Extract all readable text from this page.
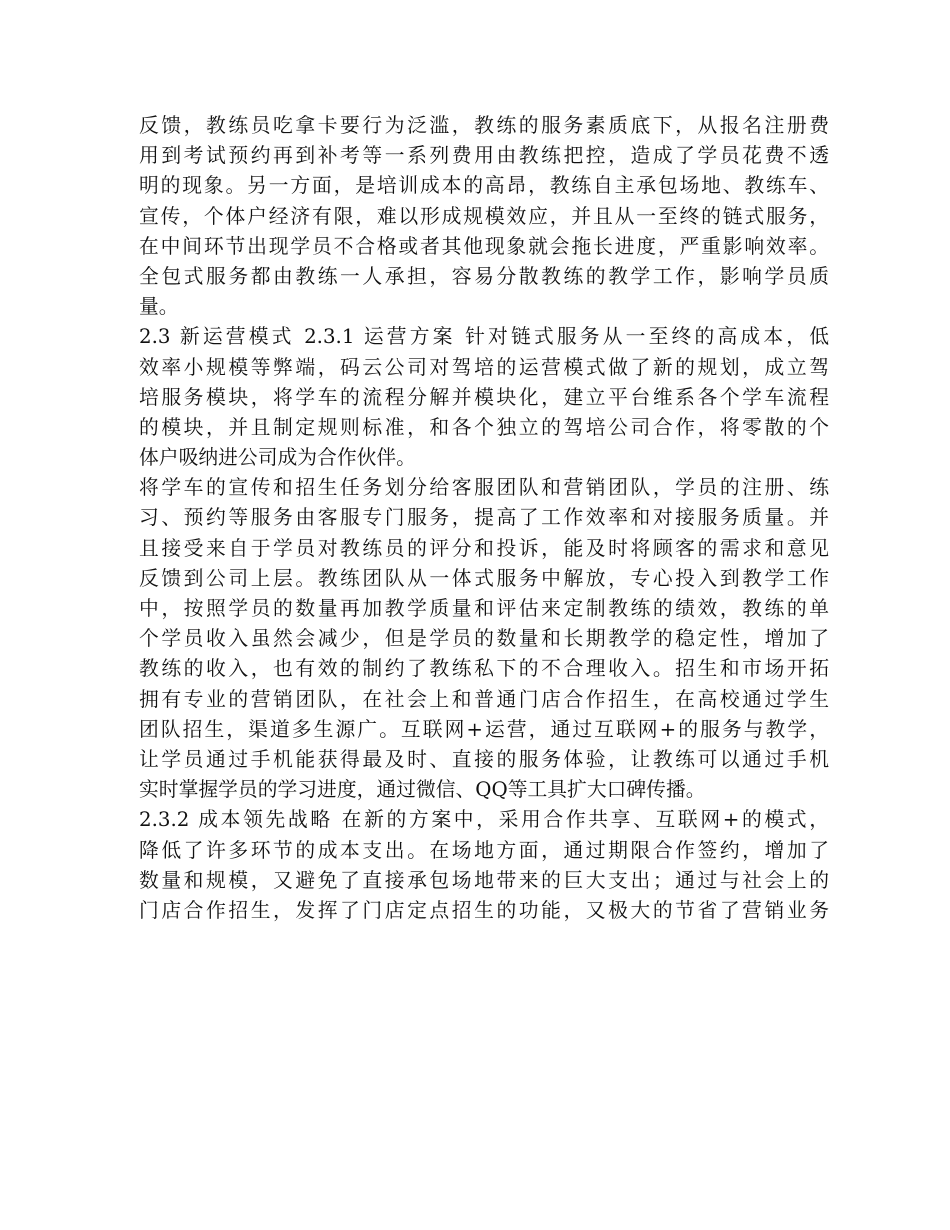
反馈，教练员吃拿卡要行为泛滥，教练的服务素质底下，从报名注册费
用到考试预约再到补考等一系列费用由教练把控，造成了学员花费不透
明的现象。另一方面，是培训成本的高昂，教练自主承包场地、教练车、
宣传，个体户经济有限，难以形成规模效应，并且从一至终的链式服务，
在中间环节出现学员不合格或者其他现象就会拖长进度，严重影响效率。
全包式服务都由教练一人承担，容易分散教练的教学工作，影响学员质
量。
2.3 新运营模式 2.3.1 运营方案 针对链式服务从一至终的高成本，低
效率小规模等弊端，码云公司对驾培的运营模式做了新的规划，成立驾
培服务模块，将学车的流程分解并模块化，建立平台维系各个学车流程
的模块，并且制定规则标准，和各个独立的驾培公司合作，将零散的个
体户吸纳进公司成为合作伙伴。
将学车的宣传和招生任务划分给客服团队和营销团队，学员的注册、练
习、预约等服务由客服专门服务，提高了工作效率和对接服务质量。并
且接受来自于学员对教练员的评分和投诉，能及时将顾客的需求和意见
反馈到公司上层。教练团队从一体式服务中解放，专心投入到教学工作
中，按照学员的数量再加教学质量和评估来定制教练的绩效，教练的单
个学员收入虽然会减少，但是学员的数量和长期教学的稳定性，增加了
教练的收入，也有效的制约了教练私下的不合理收入。招生和市场开拓
拥有专业的营销团队，在社会上和普通门店合作招生，在高校通过学生
团队招生，渠道多生源广。互联网+运营，通过互联网+的服务与教学，
让学员通过手机能获得最及时、直接的服务体验，让教练可以通过手机
实时掌握学员的学习进度，通过微信、QQ等工具扩大口碑传播。
2.3.2 成本领先战略 在新的方案中，采用合作共享、互联网+的模式，
降低了许多环节的成本支出。在场地方面，通过期限合作签约，增加了
数量和规模，又避免了直接承包场地带来的巨大支出；通过与社会上的
门店合作招生，发挥了门店定点招生的功能，又极大的节省了营销业务
